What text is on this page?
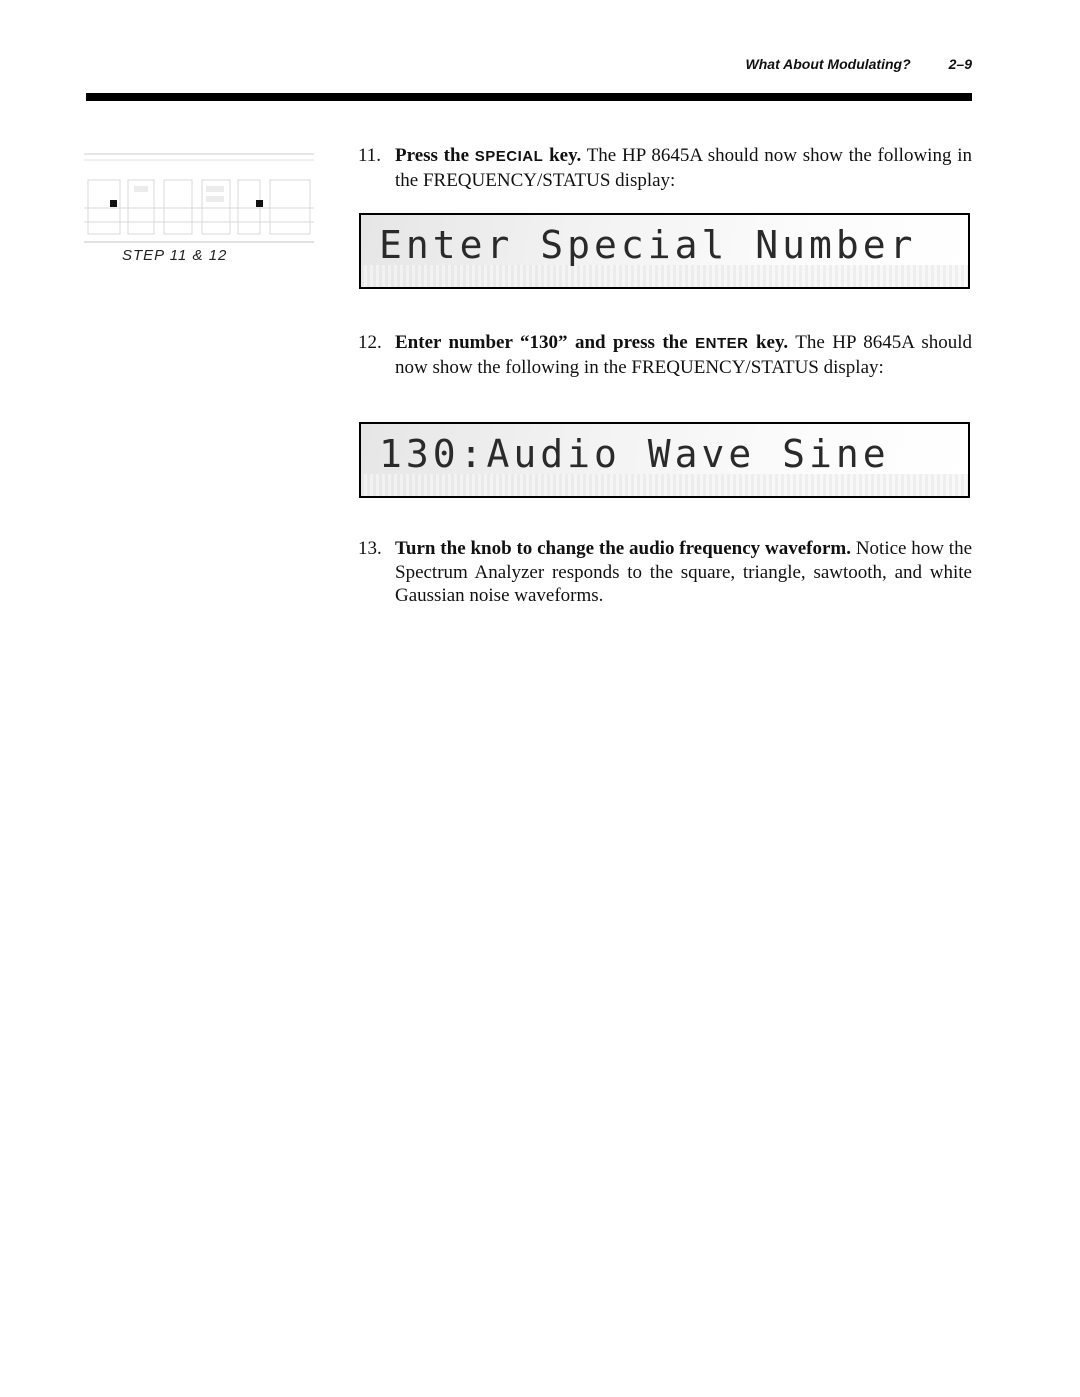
What About Modulating?	2–9
STEP 11 & 12
11. Press the SPECIAL key. The HP 8645A should now show the following in the FREQUENCY/STATUS display:
Enter Special Number
12. Enter number “130” and press the ENTER key. The HP 8645A should now show the following in the FREQUENCY/STATUS display:
130:Audio Wave Sine
13. Turn the knob to change the audio frequency waveform. Notice how the Spectrum Analyzer responds to the square, triangle, sawtooth, and white Gaussian noise waveforms.
